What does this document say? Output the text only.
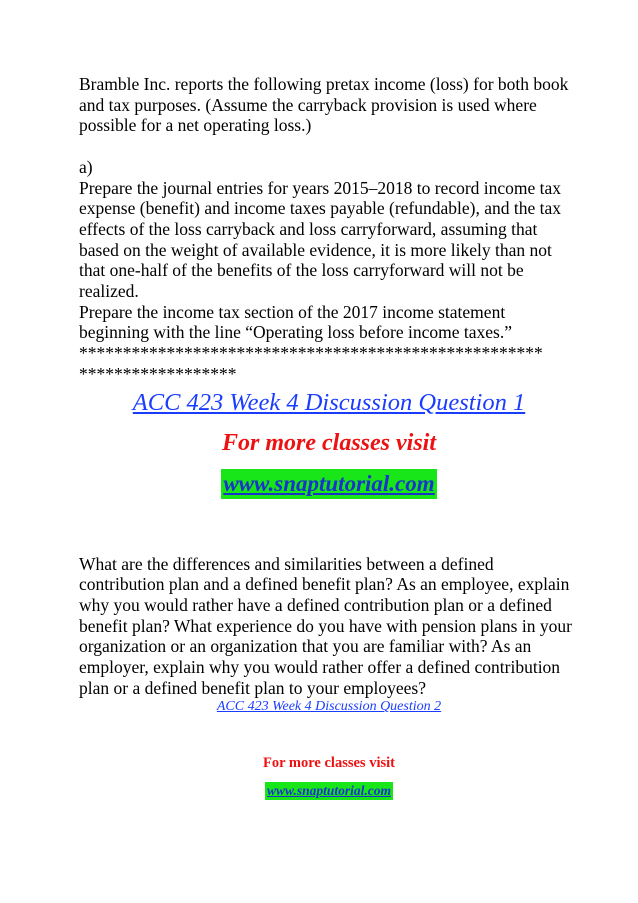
Bramble Inc. reports the following pretax income (loss) for both book and tax purposes. (Assume the carryback provision is used where possible for a net operating loss.)

a)

Prepare the journal entries for years 2015–2018 to record income tax expense (benefit) and income taxes payable (refundable), and the tax effects of the loss carryback and loss carryforward, assuming that based on the weight of available evidence, it is more likely than not that one-half of the benefits of the loss carryforward will not be realized.

Prepare the income tax section of the 2017 income statement beginning with the line “Operating loss before income taxes.”

*****************************************************
******************
ACC 423 Week 4 Discussion Question 1
For more classes visit
www.snaptutorial.com

What are the differences and similarities between a defined contribution plan and a defined benefit plan? As an employee, explain why you would rather have a defined contribution plan or a defined benefit plan? What experience do you have with pension plans in your organization or an organization that you are familiar with? As an employer, explain why you would rather offer a defined contribution plan or a defined benefit plan to your employees?

ACC 423 Week 4 Discussion Question 2
For more classes visit
www.snaptutorial.com
